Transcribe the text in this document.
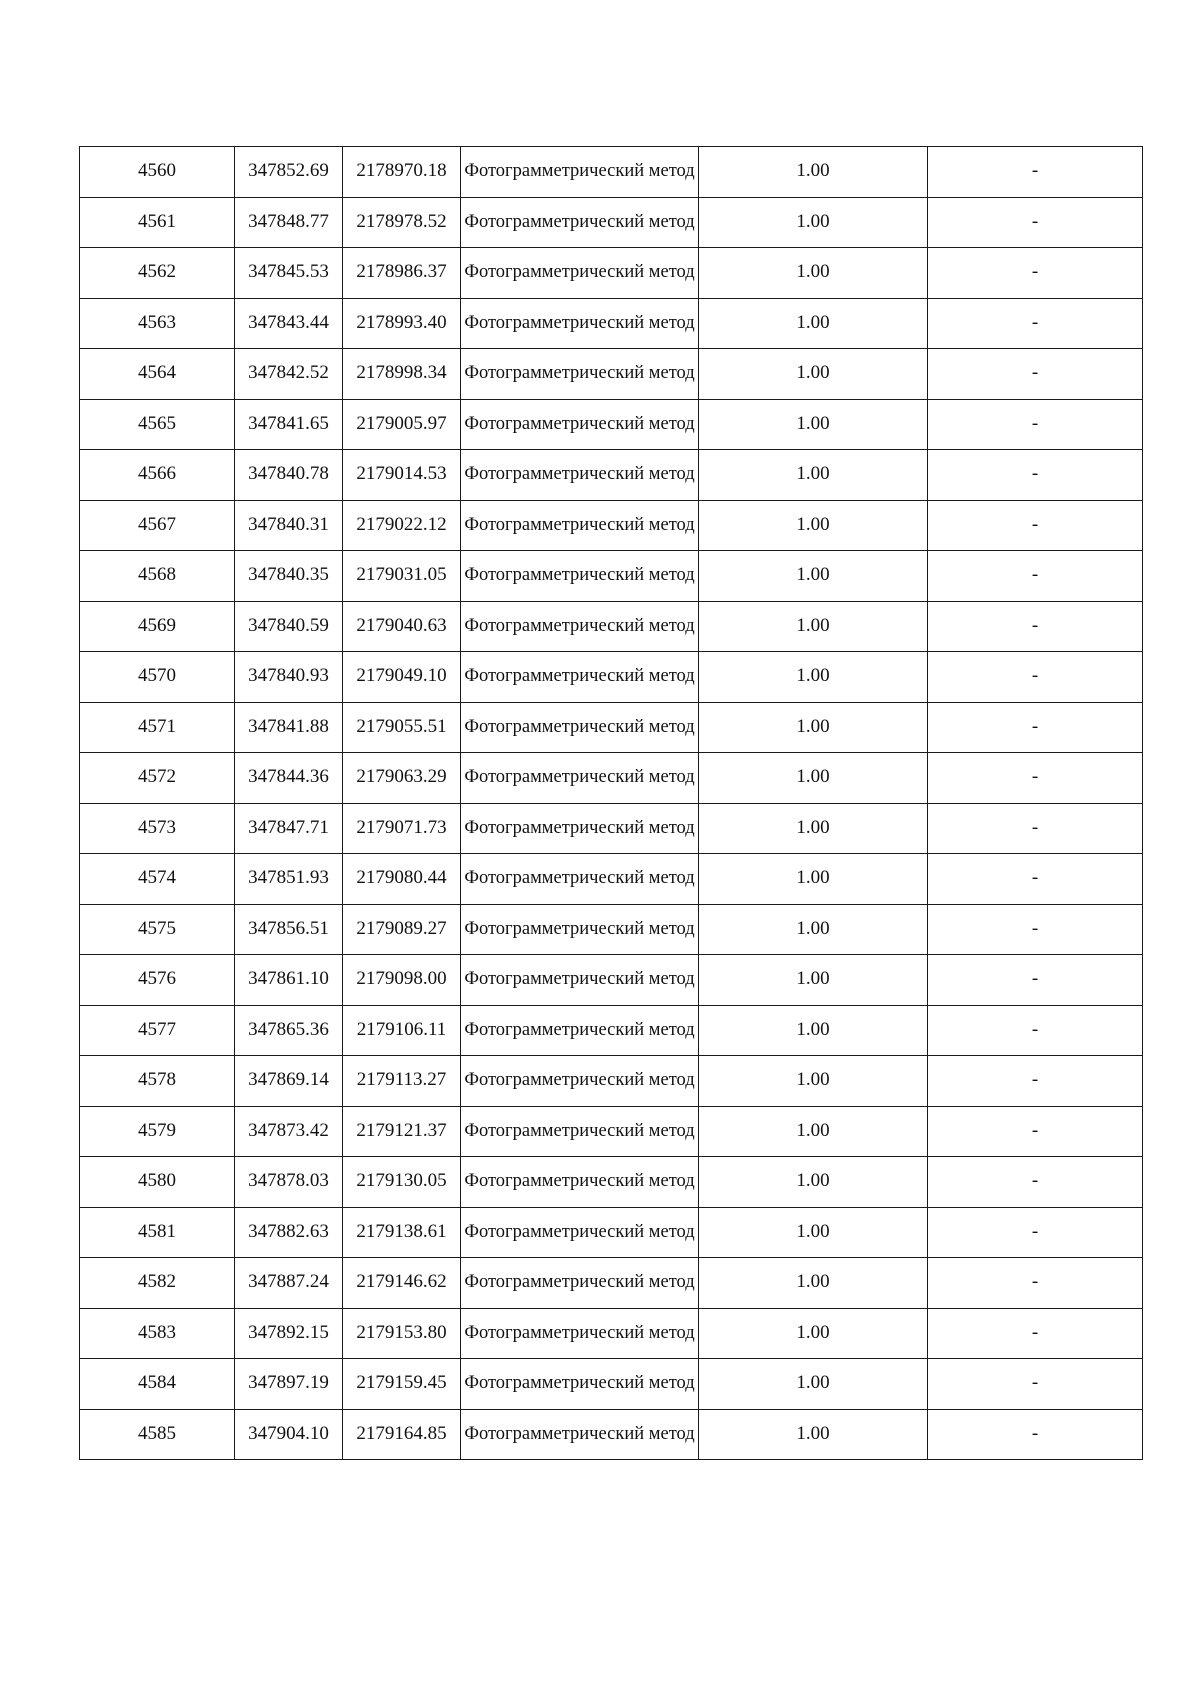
4560	347852.69	2178970.18	Фотограмметрический метод	1.00	-
4561	347848.77	2178978.52	Фотограмметрический метод	1.00	-
4562	347845.53	2178986.37	Фотограмметрический метод	1.00	-
4563	347843.44	2178993.40	Фотограмметрический метод	1.00	-
4564	347842.52	2178998.34	Фотограмметрический метод	1.00	-
4565	347841.65	2179005.97	Фотограмметрический метод	1.00	-
4566	347840.78	2179014.53	Фотограмметрический метод	1.00	-
4567	347840.31	2179022.12	Фотограмметрический метод	1.00	-
4568	347840.35	2179031.05	Фотограмметрический метод	1.00	-
4569	347840.59	2179040.63	Фотограмметрический метод	1.00	-
4570	347840.93	2179049.10	Фотограмметрический метод	1.00	-
4571	347841.88	2179055.51	Фотограмметрический метод	1.00	-
4572	347844.36	2179063.29	Фотограмметрический метод	1.00	-
4573	347847.71	2179071.73	Фотограмметрический метод	1.00	-
4574	347851.93	2179080.44	Фотограмметрический метод	1.00	-
4575	347856.51	2179089.27	Фотограмметрический метод	1.00	-
4576	347861.10	2179098.00	Фотограмметрический метод	1.00	-
4577	347865.36	2179106.11	Фотограмметрический метод	1.00	-
4578	347869.14	2179113.27	Фотограмметрический метод	1.00	-
4579	347873.42	2179121.37	Фотограмметрический метод	1.00	-
4580	347878.03	2179130.05	Фотограмметрический метод	1.00	-
4581	347882.63	2179138.61	Фотограмметрический метод	1.00	-
4582	347887.24	2179146.62	Фотограмметрический метод	1.00	-
4583	347892.15	2179153.80	Фотограмметрический метод	1.00	-
4584	347897.19	2179159.45	Фотограмметрический метод	1.00	-
4585	347904.10	2179164.85	Фотограмметрический метод	1.00	-
